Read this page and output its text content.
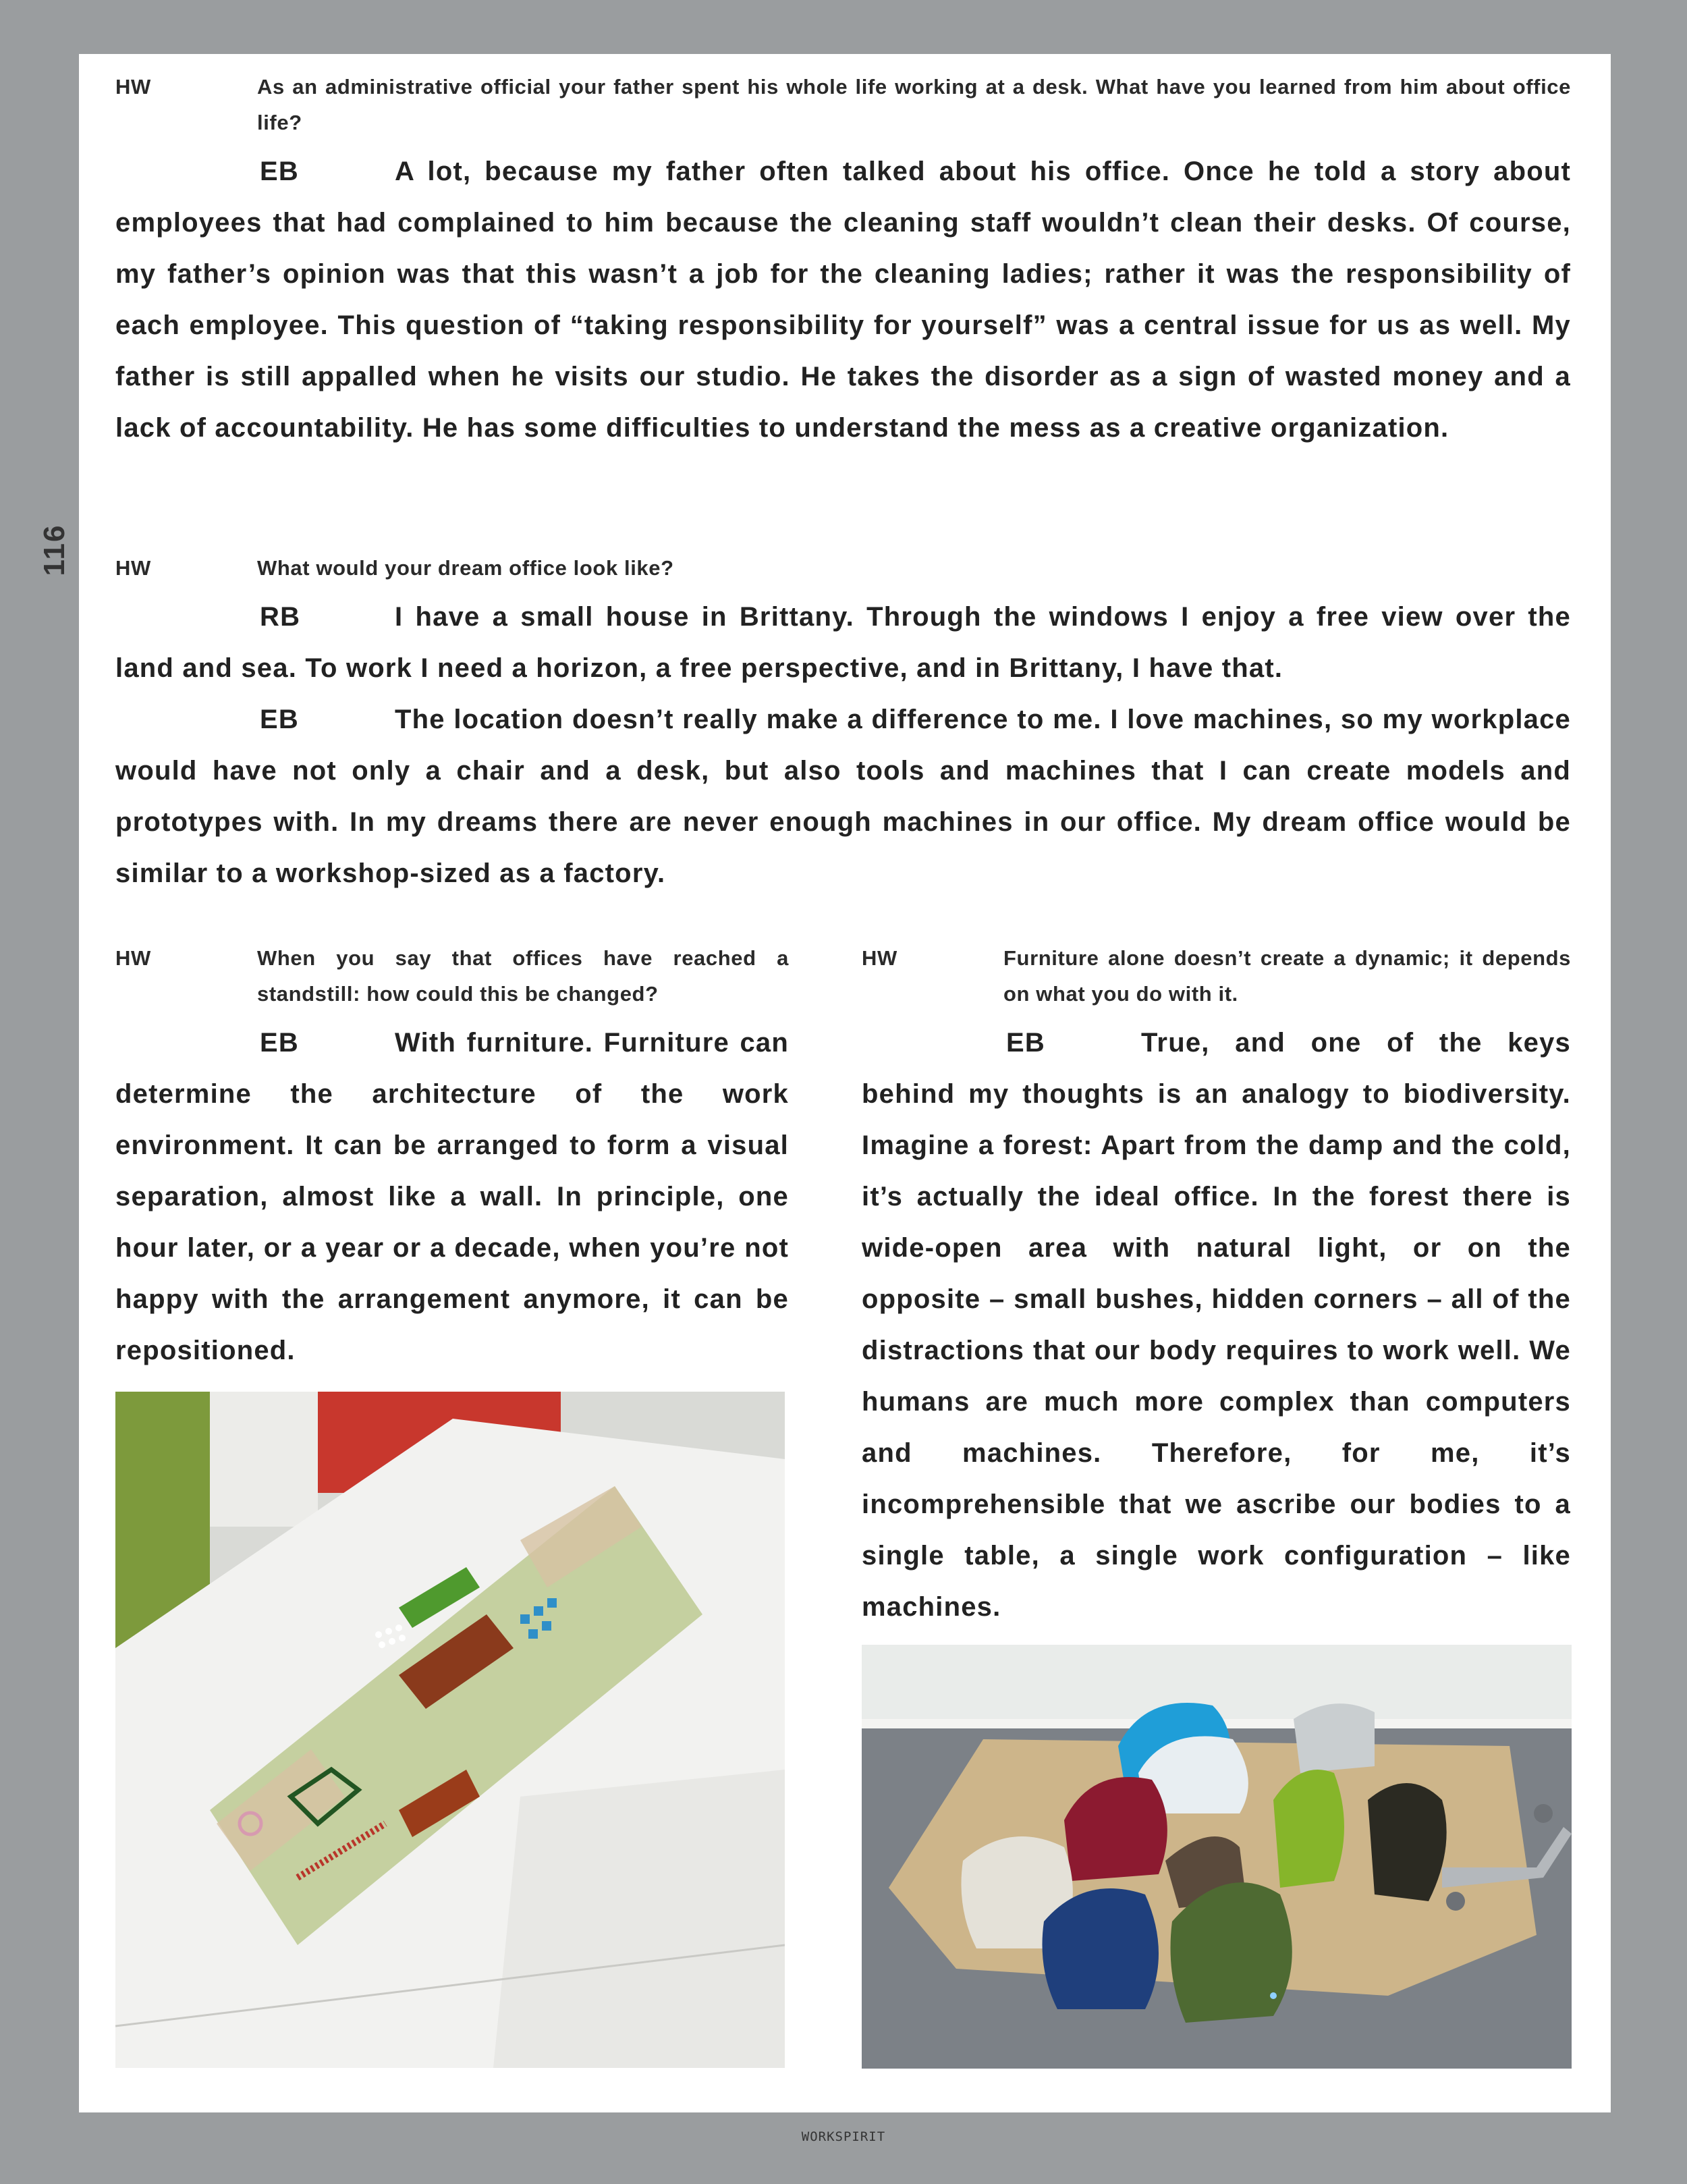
116
HW	As an administrative official your father spent his whole life working at a desk. What have you learned from him about office life?

EB	A lot, because my father often talked about his office. Once he told a story about employees that had complained to him because the cleaning staff wouldn’t clean their desks. Of course, my father’s opinion was that this wasn’t a job for the cleaning ladies; rather it was the responsibility of each employee. This question of “taking responsibility for yourself” was a central issue for us as well. My father is still appalled when he visits our studio. He takes the disorder as a sign of wasted money and a lack of accountability. He has some difficulties to understand the mess as a creative organization.

HW	What would your dream office look like?

RB	I have a small house in Brittany. Through the windows I enjoy a free view over the land and sea. To work I need a horizon, a free perspective, and in Brittany, I have that.

EB	The location doesn’t really make a difference to me. I love machines, so my workplace would have not only a chair and a desk, but also tools and machines that I can create models and prototypes with. In my dreams there are never enough machines in our office. My dream office would be similar to a workshop-sized as a factory.

HW	When you say that offices have reached a standstill: how could this be changed?

EB	With furniture. Furniture can determine the architecture of the work environment. It can be arranged to form a visual separation, almost like a wall. In principle, one hour later, or a year or a decade, when you’re not happy with the arrangement anymore, it can be repositioned.

HW	Furniture alone doesn’t create a dynamic; it depends on what you do with it.

EB	True, and one of the keys behind my thoughts is an analogy to biodiversity. Imagine a forest: Apart from the damp and the cold, it’s actually the ideal office. In the forest there is wide-open area with natural light, or on the opposite – small bushes, hidden corners – all of the distractions that our body requires to work well. We humans are much more complex than computers and machines. Therefore, for me, it’s incomprehensible that we ascribe our bodies to a single table, a single work configuration – like machines.

WORKSPIRIT
